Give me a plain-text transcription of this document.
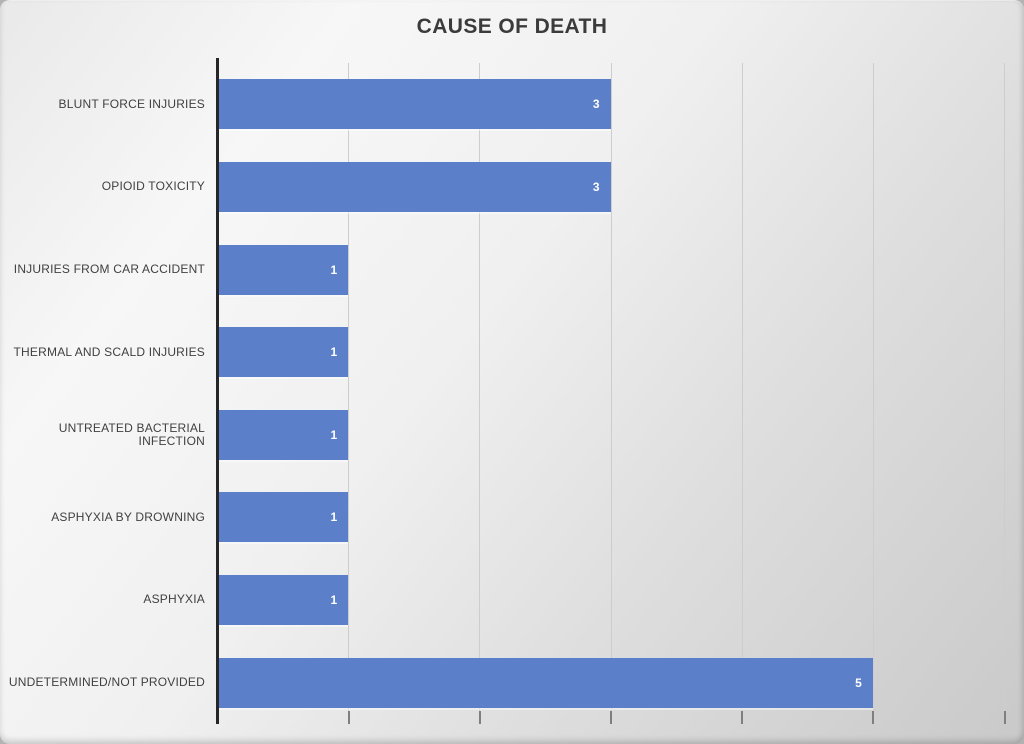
CAUSE OF DEATH
BLUNT FORCE INJURIES	3
OPIOID TOXICITY	3
INJURIES FROM CAR ACCIDENT	1
THERMAL AND SCALD INJURIES	1
UNTREATED BACTERIAL INFECTION	1
ASPHYXIA BY DROWNING	1
ASPHYXIA	1
UNDETERMINED/NOT PROVIDED	5
